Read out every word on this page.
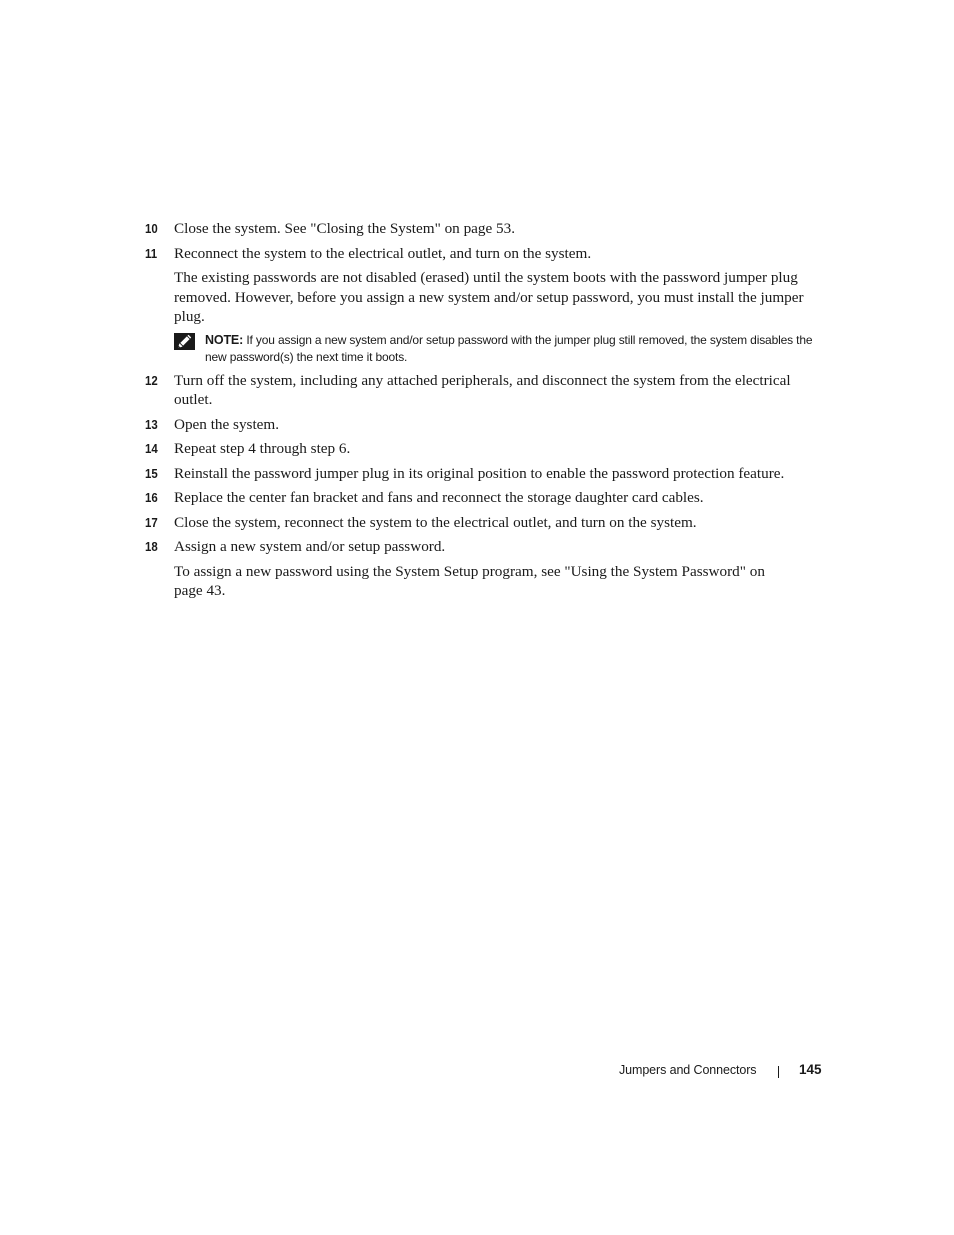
10	Close the system. See "Closing the System" on page 53.
11	Reconnect the system to the electrical outlet, and turn on the system.
The existing passwords are not disabled (erased) until the system boots with the password jumper plug removed. However, before you assign a new system and/or setup password, you must install the jumper plug.
NOTE: If you assign a new system and/or setup password with the jumper plug still removed, the system disables the new password(s) the next time it boots.
12	Turn off the system, including any attached peripherals, and disconnect the system from the electrical outlet.
13	Open the system.
14	Repeat step 4 through step 6.
15	Reinstall the password jumper plug in its original position to enable the password protection feature.
16	Replace the center fan bracket and fans and reconnect the storage daughter card cables.
17	Close the system, reconnect the system to the electrical outlet, and turn on the system.
18	Assign a new system and/or setup password.
To assign a new password using the System Setup program, see "Using the System Password" on page 43.
Jumpers and Connectors	145
